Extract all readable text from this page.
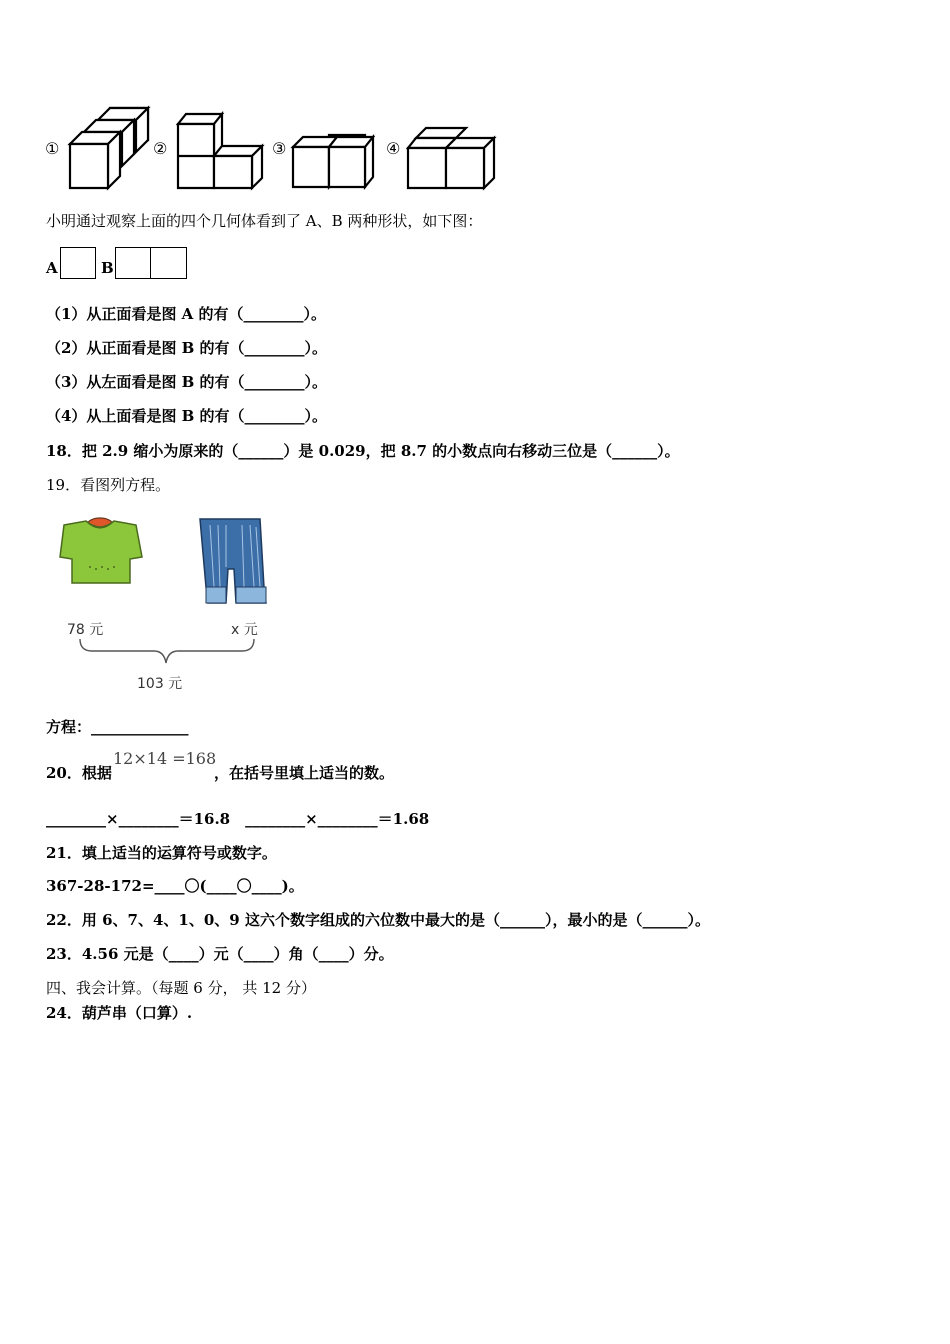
①	②	③	④
小明通过观察上面的四个几何体看到了 A、B 两种形状，如下图：
A	B
（1）从正面看是图 A 的有（________）。
（2）从正面看是图 B 的有（________）。
（3）从左面看是图 B 的有（________）。
（4）从上面看是图 B 的有（________）。
18．把 2.9 缩小为原来的（______）是 0.029，把 8.7 的小数点向右移动三位是（______）。
19．看图列方程。
78 元	x 元
103 元
方程：_____________
20．根据
12×14 =168
，在括号里填上适当的数。
________×________＝16.8　________×________＝1.68
21．填上适当的运算符号或数字。
367-28-172=____〇(____〇____)。
22．用 6、7、4、1、0、9 这六个数字组成的六位数中最大的是（______），最小的是（______）。
23．4.56 元是（____）元（____）角（____）分。
四、我会计算。（每题 6 分， 共 12 分）
24．葫芦串（口算）.
